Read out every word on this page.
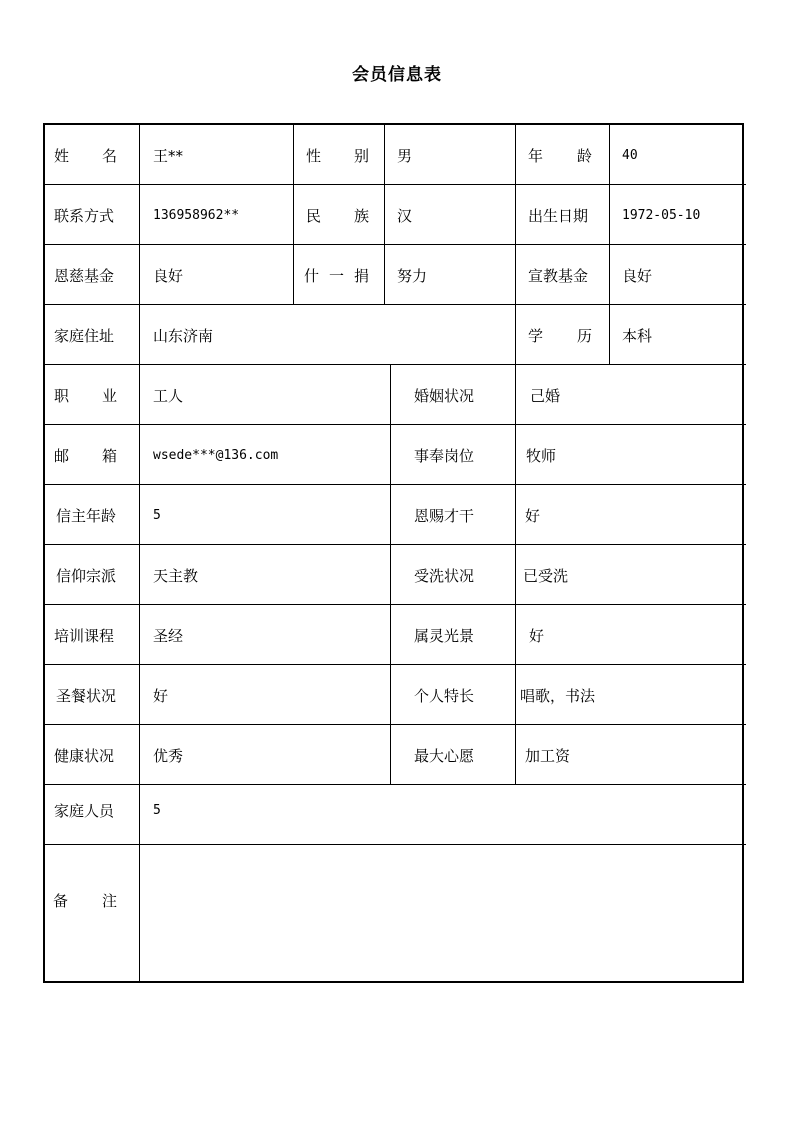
会员信息表
姓 名	王**	性 别	男	年 龄	40
联系方式	136958962**	民 族	汉	出生日期	1972-05-10
恩慈基金	良好	什 一 捐	努力	宣教基金	良好
家庭住址	山东济南	学 历	本科
职 业	工人	婚姻状况	己婚
邮 箱	wsede***@136.com	事奉岗位	牧师
信主年龄	5	恩赐才干	好
信仰宗派	天主教	受洗状况	已受洗
培训课程	圣经	属灵光景	好
圣餐状况	好	个人特长	唱歌，书法
健康状况	优秀	最大心愿	加工资
家庭人员	5
备 注
